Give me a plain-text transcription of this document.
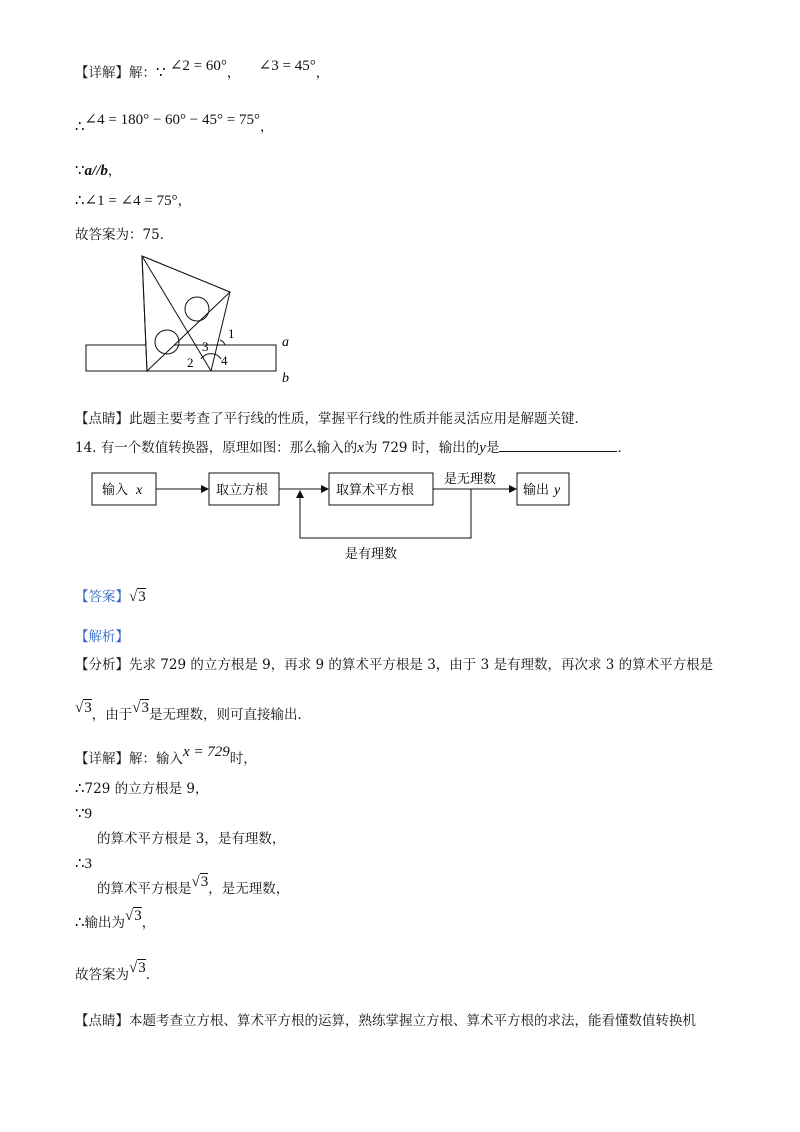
【详解】解：∵ ∠2 = 60°， ∠3 = 45°，
∴∠4 = 180° − 60° − 45° = 75°，
∵a//b，
∴∠1 = ∠4 = 75°，
故答案为：75．
1
2
3
4
a
b
【点睛】此题主要考查了平行线的性质，掌握平行线的性质并能灵活应用是解题关键．
14. 有一个数值转换器，原理如图：那么输入的x为 729 时，输出的y是	．
输入 x	取立方根	取算术平方根
是无理数
输出 y
是有理数
【答案】√3
【解析】
【分析】先求 729 的立方根是 9，再求 9 的算术平方根是 3，由于 3 是有理数，再次求 3 的算术平方根是
√3，由于√3是无理数，则可直接输出．
【详解】解：输入x = 729时，
∴729 的立方根是 9，
∵9
的算术平方根是 3，是有理数，
∴3
的算术平方根是√3，是无理数，
∴输出为√3，
故答案为√3．
【点睛】本题考查立方根、算术平方根的运算，熟练掌握立方根、算术平方根的求法，能看懂数值转换机
